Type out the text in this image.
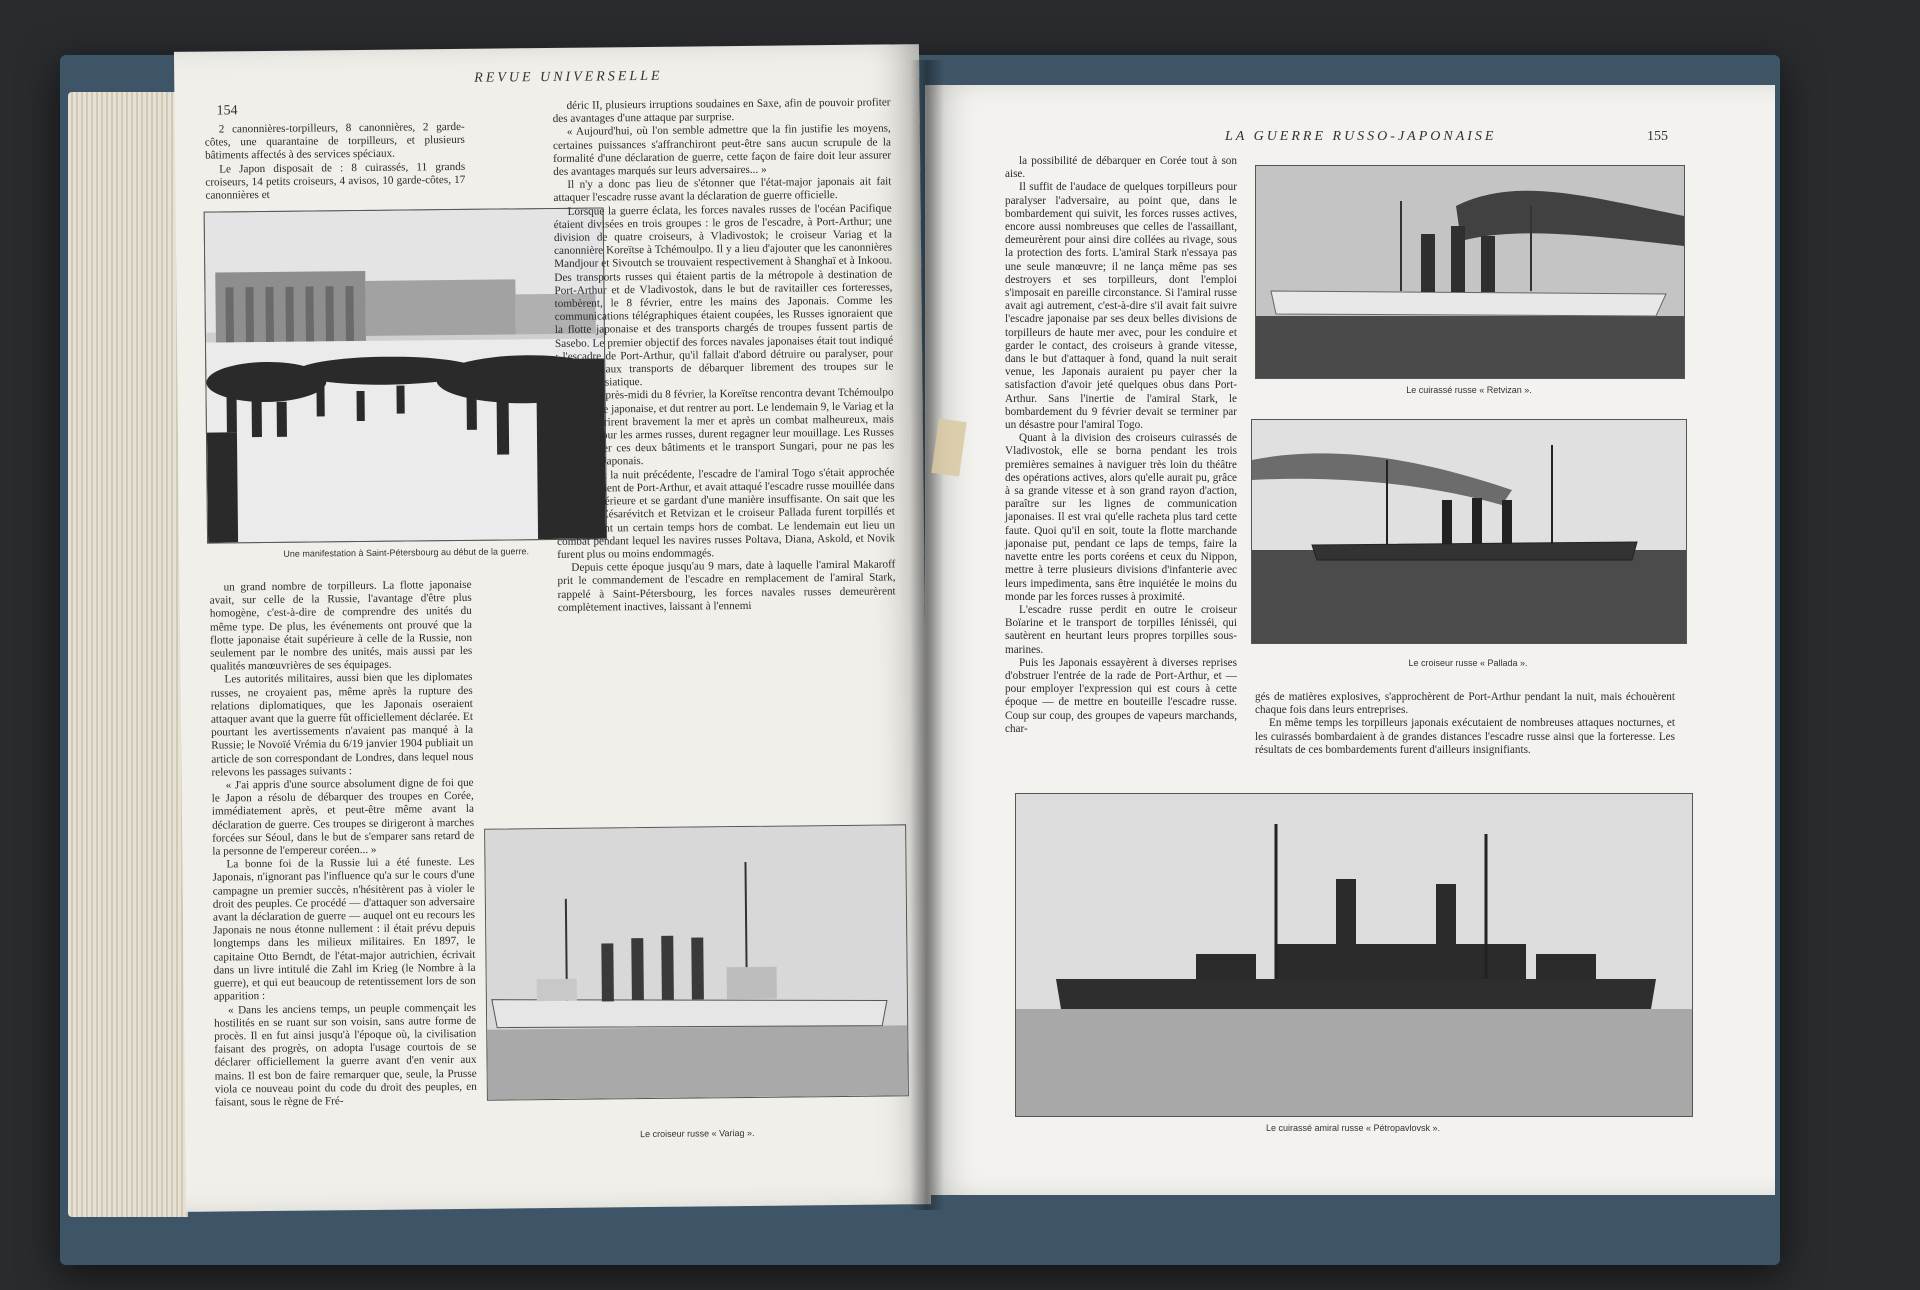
REVUE UNIVERSELLE
154

2 canonnières-torpilleurs, 8 canonnières, 2 garde-côtes, une quarantaine de torpilleurs, et plusieurs bâtiments affectés à des services spéciaux.

Le Japon disposait de : 8 cuirassés, 11 grands croiseurs, 14 petits croiseurs, 4 avisos, 10 garde-côtes, 17 canonnières et

Une manifestation à Saint-Pétersbourg au début de la guerre.

déric II, plusieurs irruptions soudaines en Saxe, afin de pouvoir profiter des avantages d'une attaque par surprise.

« Aujourd'hui, où l'on semble admettre que la fin justifie les moyens, certaines puissances s'affranchiront peut-être sans aucun scrupule de la formalité d'une déclaration de guerre, cette façon de faire doit leur assurer des avantages marqués sur leurs adversaires... »

Il n'y a donc pas lieu de s'étonner que l'état-major japonais ait fait attaquer l'escadre russe avant la déclaration de guerre officielle.

Lorsque la guerre éclata, les forces navales russes de l'océan Pacifique étaient divisées en trois groupes : le gros de l'escadre, à Port-Arthur; une division de quatre croiseurs, à Vladivostok; le croiseur Variag et la canonnière Koreïtse à Tchémoulpo. Il y a lieu d'ajouter que les canonnières Mandjour et Sivoutch se trouvaient respectivement à Shanghaï et à Inkoou. Des transports russes qui étaient partis de la métropole à destination de Port-Arthur et de Vladivostok, dans le but de ravitailler ces forteresses, tombèrent, le 8 février, entre les mains des Japonais. Comme les communications télégraphiques étaient coupées, les Russes ignoraient que la flotte japonaise et des transports chargés de troupes fussent partis de Sasebo. Le premier objectif des forces navales japonaises était tout indiqué : l'escadre de Port-Arthur, qu'il fallait d'abord détruire ou paralyser, pour permettre aux transports de débarquer librement des troupes sur le continent asiatique.

Dans l'après-midi du 8 février, la Koreïtse rencontra devant Tchémoulpo une escadre japonaise, et dut rentrer au port. Le lendemain 9, le Variag et la Koreïtse prirent bravement la mer et après un combat malheureux, mais glorieux pour les armes russes, durent regagner leur mouillage. Les Russes firent sauter ces deux bâtiments et le transport Sungari, pour ne pas les livrer aux Japonais.

Pendant la nuit précédente, l'escadre de l'amiral Togo s'était approchée traîtreusement de Port-Arthur, et avait attaqué l'escadre russe mouillée dans la rade extérieure et se gardant d'une manière insuffisante. On sait que les cuirassés Césarévitch et Retvizan et le croiseur Pallada furent torpillés et mis pendant un certain temps hors de combat. Le lendemain eut lieu un combat pendant lequel les navires russes Poltava, Diana, Askold, et Novik furent plus ou moins endommagés.

Depuis cette époque jusqu'au 9 mars, date à laquelle l'amiral Makaroff prit le commandement de l'escadre en remplacement de l'amiral Stark, rappelé à Saint-Pétersbourg, les forces navales russes demeurèrent complètement inactives, laissant à l'ennemi

un grand nombre de torpilleurs. La flotte japonaise avait, sur celle de la Russie, l'avantage d'être plus homogène, c'est-à-dire de comprendre des unités du même type. De plus, les événements ont prouvé que la flotte japonaise était supérieure à celle de la Russie, non seulement par le nombre des unités, mais aussi par les qualités manœuvrières de ses équipages.

Les autorités militaires, aussi bien que les diplomates russes, ne croyaient pas, même après la rupture des relations diplomatiques, que les Japonais oseraient attaquer avant que la guerre fût officiellement déclarée. Et pourtant les avertissements n'avaient pas manqué à la Russie; le Novoïé Vrémia du 6/19 janvier 1904 publiait un article de son correspondant de Londres, dans lequel nous relevons les passages suivants :

« J'ai appris d'une source absolument digne de foi que le Japon a résolu de débarquer des troupes en Corée, immédiatement après, et peut-être même avant la déclaration de guerre. Ces troupes se dirigeront à marches forcées sur Séoul, dans le but de s'emparer sans retard de la personne de l'empereur coréen... »

La bonne foi de la Russie lui a été funeste. Les Japonais, n'ignorant pas l'influence qu'a sur le cours d'une campagne un premier succès, n'hésitèrent pas à violer le droit des peuples. Ce procédé — d'attaquer son adversaire avant la déclaration de guerre — auquel ont eu recours les Japonais ne nous étonne nullement : il était prévu depuis longtemps dans les milieux militaires. En 1897, le capitaine Otto Berndt, de l'état-major autrichien, écrivait dans un livre intitulé die Zahl im Krieg (le Nombre à la guerre), et qui eut beaucoup de retentissement lors de son apparition :

« Dans les anciens temps, un peuple commençait les hostilités en se ruant sur son voisin, sans autre forme de procès. Il en fut ainsi jusqu'à l'époque où, la civilisation faisant des progrès, on adopta l'usage courtois de se déclarer officiellement la guerre avant d'en venir aux mains. Il est bon de faire remarquer que, seule, la Prusse viola ce nouveau point du code du droit des peuples, en faisant, sous le règne de Fré-

Le croiseur russe « Variag ».
LA GUERRE RUSSO-JAPONAISE	155

la possibilité de débarquer en Corée tout à son aise.

Il suffit de l'audace de quelques torpilleurs pour paralyser l'adversaire, au point que, dans le bombardement qui suivit, les forces russes actives, encore aussi nombreuses que celles de l'assaillant, demeurèrent pour ainsi dire collées au rivage, sous la protection des forts. L'amiral Stark n'essaya pas une seule manœuvre; il ne lança même pas ses destroyers et ses torpilleurs, dont l'emploi s'imposait en pareille circonstance. Si l'amiral russe avait agi autrement, c'est-à-dire s'il avait fait suivre l'escadre japonaise par ses deux belles divisions de torpilleurs de haute mer avec, pour les conduire et garder le contact, des croiseurs à grande vitesse, dans le but d'attaquer à fond, quand la nuit serait venue, les Japonais auraient pu payer cher la satisfaction d'avoir jeté quelques obus dans Port-Arthur. Sans l'inertie de l'amiral Stark, le bombardement du 9 février devait se terminer par un désastre pour l'amiral Togo.

Quant à la division des croiseurs cuirassés de Vladivostok, elle se borna pendant les trois premières semaines à naviguer très loin du théâtre des opérations actives, alors qu'elle aurait pu, grâce à sa grande vitesse et à son grand rayon d'action, paraître sur les lignes de communication japonaises. Il est vrai qu'elle racheta plus tard cette faute. Quoi qu'il en soit, toute la flotte marchande japonaise put, pendant ce laps de temps, faire la navette entre les ports coréens et ceux du Nippon, mettre à terre plusieurs divisions d'infanterie avec leurs impedimenta, sans être inquiétée le moins du monde par les forces russes à proximité.

L'escadre russe perdit en outre le croiseur Boïarine et le transport de torpilles Iénisséi, qui sautèrent en heurtant leurs propres torpilles sous-marines.

Puis les Japonais essayèrent à diverses reprises d'obstruer l'entrée de la rade de Port-Arthur, et — pour employer l'expression qui est cours à cette époque — de mettre en bouteille l'escadre russe. Coup sur coup, des groupes de vapeurs marchands, char-

gés de matières explosives, s'approchèrent de Port-Arthur pendant la nuit, mais échouèrent chaque fois dans leurs entreprises.

En même temps les torpilleurs japonais exécutaient de nombreuses attaques nocturnes, et les cuirassés bombardaient à de grandes distances l'escadre russe ainsi que la forteresse. Les résultats de ces bombardements furent d'ailleurs insignifiants.

Le cuirassé russe « Retvizan ».
Le croiseur russe « Pallada ».
Le cuirassé amiral russe « Pétropavlovsk ».
